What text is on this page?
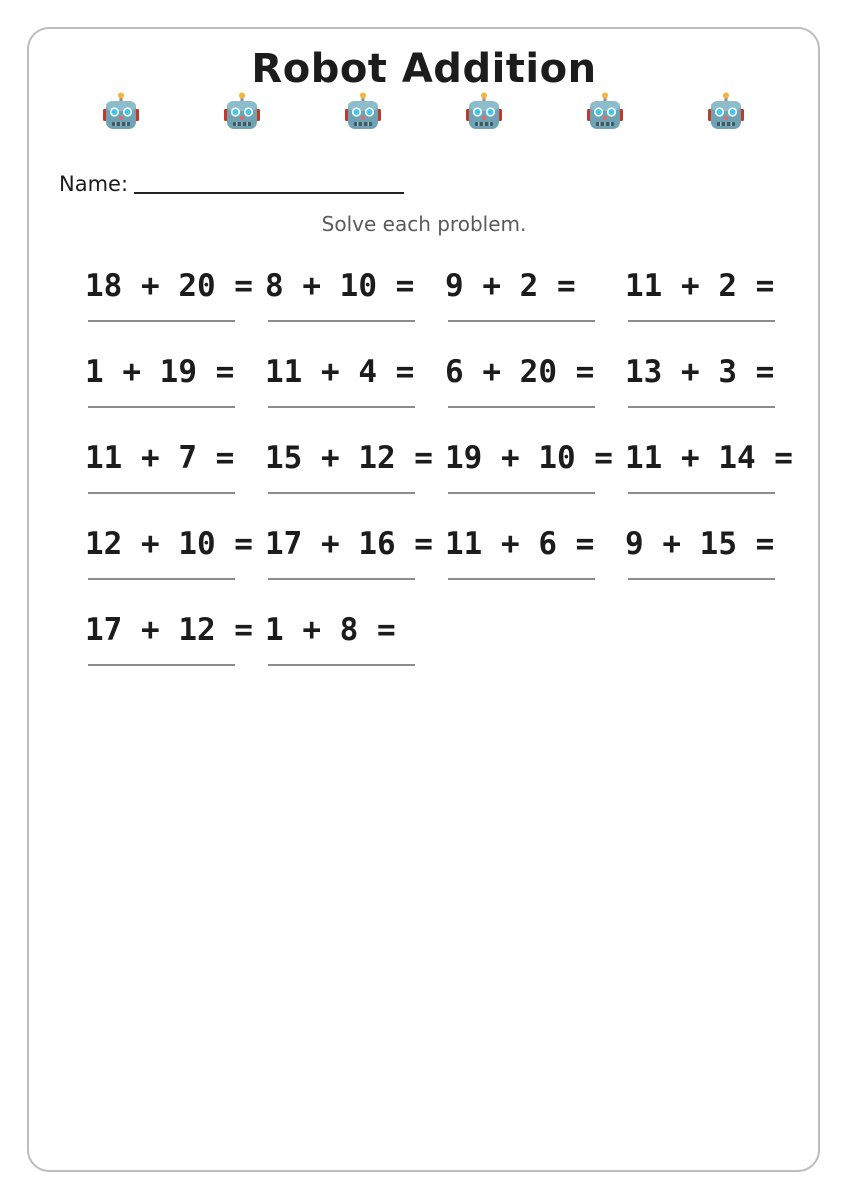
Robot Addition
Name:
Solve each problem.
18 + 20 = 8 + 10 = 9 + 2 = 11 + 2 =
1 + 19 = 11 + 4 = 6 + 20 = 13 + 3 =
11 + 7 = 15 + 12 = 19 + 10 = 11 + 14 =
12 + 10 = 17 + 16 = 11 + 6 = 9 + 15 =
17 + 12 = 1 + 8 =
